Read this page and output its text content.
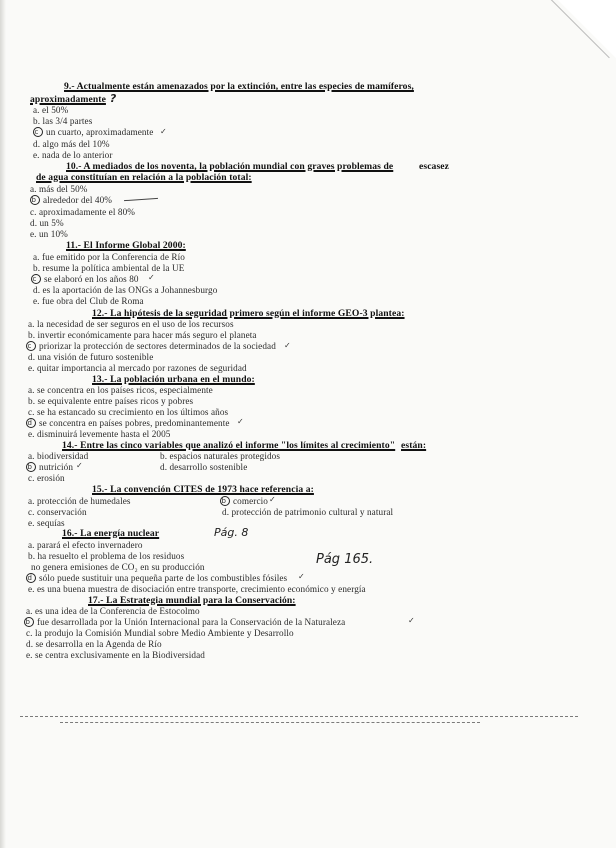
9.- Actualmente están amenazados por la extinción, entre las especies de mamíferos,
aproximadamente ?
a. el 50%
b. las 3/4 partes
c un cuarto, aproximadamente ✓
d. algo más del 10%
e. nada de lo anterior
10.- A mediados de los noventa, la población mundial con graves problemas de	escasez
de agua constituían en relación a la población total:
a. más del 50%
b alrededor del 40%
c. aproximadamente el 80%
d. un 5%
e. un 10%
11.- El Informe Global 2000:
a. fue emitido por la Conferencia de Río
b. resume la política ambiental de la UE
c se elaboró en los años 80 ✓
d. es la aportación de las ONGs a Johannesburgo
e. fue obra del Club de Roma
12.- La hipótesis de la seguridad primero según el informe GEO-3 plantea:
a. la necesidad de ser seguros en el uso de los recursos
b. invertir económicamente para hacer más seguro el planeta
c priorizar la protección de sectores determinados de la sociedad ✓
d. una visión de futuro sostenible
e. quitar importancia al mercado por razones de seguridad
13.- La población urbana en el mundo:
a. se concentra en los países ricos, especialmente
b. se equivalente entre países ricos y pobres
c. se ha estancado su crecimiento en los últimos años
d se concentra en países pobres, predominantemente ✓
e. disminuirá levemente hasta el 2005
14.- Entre las cinco variables que analizó el informe "los límites al crecimiento" están:
a. biodiversidad	b. espacios naturales protegidos
b nutrición ✓	d. desarrollo sostenible
c. erosión
15.- La convención CITES de 1973 hace referencia a:
a. protección de humedales	b comercio ✓
c. conservación	d. protección de patrimonio cultural y natural
e. sequías
16.- La energía nuclear	Pág. 8
a. parará el efecto invernadero
b. ha resuelto el problema de los residuos	Pág 165.
no genera emisiones de CO₂ en su producción
d sólo puede sustituir una pequeña parte de los combustibles fósiles ✓
e. es una buena muestra de disociación entre transporte, crecimiento económico y energía
17.- La Estrategia mundial para la Conservación:
a. es una idea de la Conferencia de Estocolmo
b fue desarrollada por la Unión Internacional para la Conservación de la Naturaleza	✓
c. la produjo la Comisión Mundial sobre Medio Ambiente y Desarrollo
d. se desarrolla en la Agenda de Río
e. se centra exclusivamente en la Biodiversidad
